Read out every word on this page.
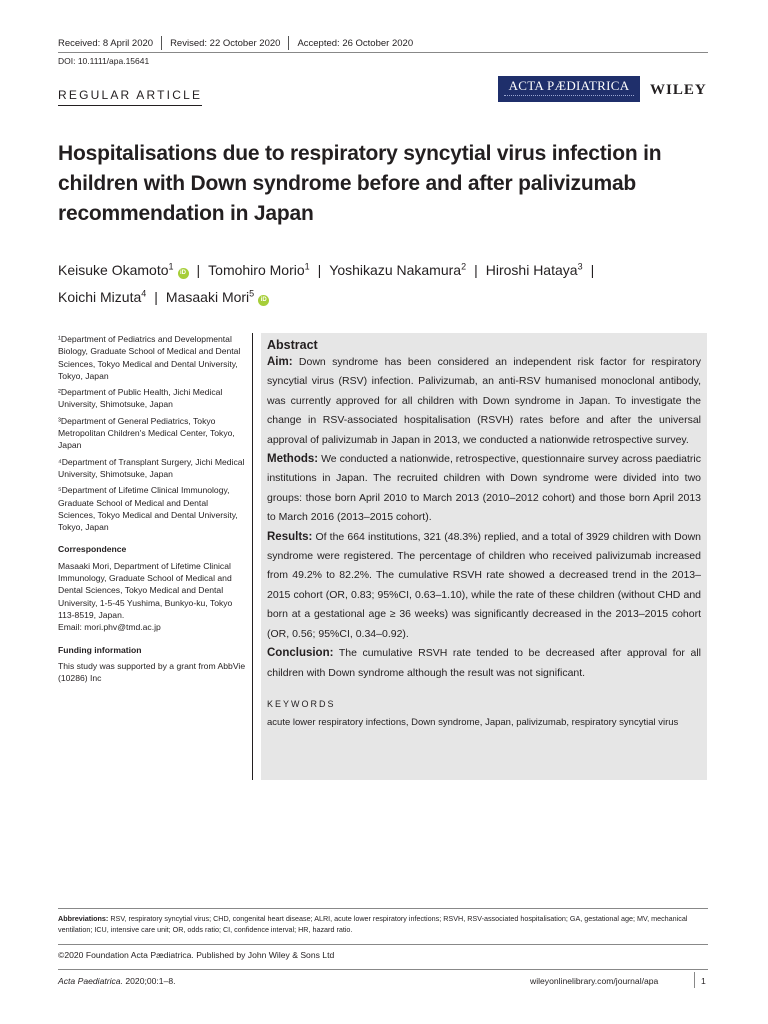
Received: 8 April 2020 Revised: 22 October 2020 Accepted: 26 October 2020
DOI: 10.1111/apa.15641
REGULAR ARTICLE
ACTA PÆDIATRICA	WILEY
Hospitalisations due to respiratory syncytial virus infection in children with Down syndrome before and after palivizumab recommendation in Japan
Keisuke Okamoto$^1$iD | Tomohiro Morio$^1$ | Yoshikazu Nakamura$^2$ | Hiroshi Hataya$^3$ |
Koichi Mizuta$^4$ | Masaaki Mori$^5$iD

¹Department of Pediatrics and Developmental Biology, Graduate School of Medical and Dental Sciences, Tokyo Medical and Dental University, Tokyo, Japan

²Department of Public Health, Jichi Medical University, Shimotsuke, Japan

³Department of General Pediatrics, Tokyo Metropolitan Children's Medical Center, Tokyo, Japan

⁴Department of Transplant Surgery, Jichi Medical University, Shimotsuke, Japan

⁵Department of Lifetime Clinical Immunology, Graduate School of Medical and Dental Sciences, Tokyo Medical and Dental University, Tokyo, Japan

Correspondence

Masaaki Mori, Department of Lifetime Clinical Immunology, Graduate School of Medical and Dental Sciences, Tokyo Medical and Dental University, 1-5-45 Yushima, Bunkyo-ku, Tokyo 113-8519, Japan.

Email: mori.phv@tmd.ac.jp

Funding information

This study was supported by a grant from AbbVie (10286) Inc

Abstract

Aim: Down syndrome has been considered an independent risk factor for respiratory syncytial virus (RSV) infection. Palivizumab, an anti-RSV humanised monoclonal antibody, was currently approved for all children with Down syndrome in Japan. To investigate the change in RSV-associated hospitalisation (RSVH) rates before and after the universal approval of palivizumab in Japan in 2013, we conducted a nationwide retrospective survey.

Methods: We conducted a nationwide, retrospective, questionnaire survey across paediatric institutions in Japan. The recruited children with Down syndrome were divided into two groups: those born April 2010 to March 2013 (2010–2012 cohort) and those born April 2013 to March 2016 (2013–2015 cohort).

Results: Of the 664 institutions, 321 (48.3%) replied, and a total of 3929 children with Down syndrome were registered. The percentage of children who received palivizumab increased from 49.2% to 82.2%. The cumulative RSVH rate showed a decreased trend in the 2013–2015 cohort (OR, 0.83; 95%CI, 0.63–1.10), while the rate of these children (without CHD and born at a gestational age ≥ 36 weeks) was significantly decreased in the 2013–2015 cohort (OR, 0.56; 95%CI, 0.34–0.92).

Conclusion: The cumulative RSVH rate tended to be decreased after approval for all children with Down syndrome although the result was not significant.

KEYWORDS

acute lower respiratory infections, Down syndrome, Japan, palivizumab, respiratory syncytial virus

Abbreviations: RSV, respiratory syncytial virus; CHD, congenital heart disease; ALRI, acute lower respiratory infections; RSVH, RSV-associated hospitalisation; GA, gestational age; MV, mechanical ventilation; ICU, intensive care unit; OR, odds ratio; CI, confidence interval; HR, hazard ratio.
©2020 Foundation Acta Pædiatrica. Published by John Wiley & Sons Ltd
Acta Paediatrica. 2020;00:1–8.	wileyonlinelibrary.com/journal/apa	1
